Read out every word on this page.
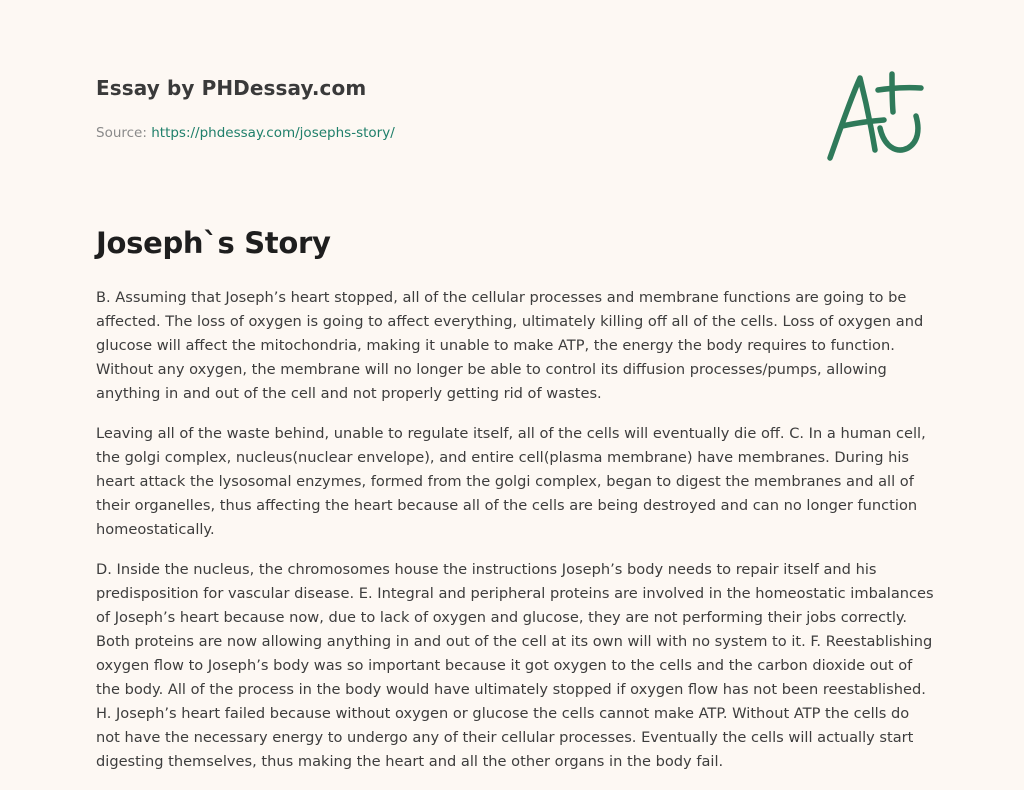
Essay by PHDessay.com
Source: https://phdessay.com/josephs-story/
Joseph`s Story

B. Assuming that Joseph’s heart stopped, all of the cellular processes and membrane functions are going to be affected. The loss of oxygen is going to affect everything, ultimately killing off all of the cells. Loss of oxygen and glucose will affect the mitochondria, making it unable to make ATP, the energy the body requires to function. Without any oxygen, the membrane will no longer be able to control its diffusion processes/pumps, allowing anything in and out of the cell and not properly getting rid of wastes.

Leaving all of the waste behind, unable to regulate itself, all of the cells will eventually die off. C. In a human cell, the golgi complex, nucleus(nuclear envelope), and entire cell(plasma membrane) have membranes. During his heart attack the lysosomal enzymes, formed from the golgi complex, began to digest the membranes and all of their organelles, thus affecting the heart because all of the cells are being destroyed and can no longer function homeostatically.

D. Inside the nucleus, the chromosomes house the instructions Joseph’s body needs to repair itself and his predisposition for vascular disease. E. Integral and peripheral proteins are involved in the homeostatic imbalances of Joseph’s heart because now, due to lack of oxygen and glucose, they are not performing their jobs correctly. Both proteins are now allowing anything in and out of the cell at its own will with no system to it. F. Reestablishing oxygen flow to Joseph’s body was so important because it got oxygen to the cells and the carbon dioxide out of the body. All of the process in the body would have ultimately stopped if oxygen flow has not been reestablished. H. Joseph’s heart failed because without oxygen or glucose the cells cannot make ATP. Without ATP the cells do not have the necessary energy to undergo any of their cellular processes. Eventually the cells will actually start digesting themselves, thus making the heart and all the other organs in the body fail.
